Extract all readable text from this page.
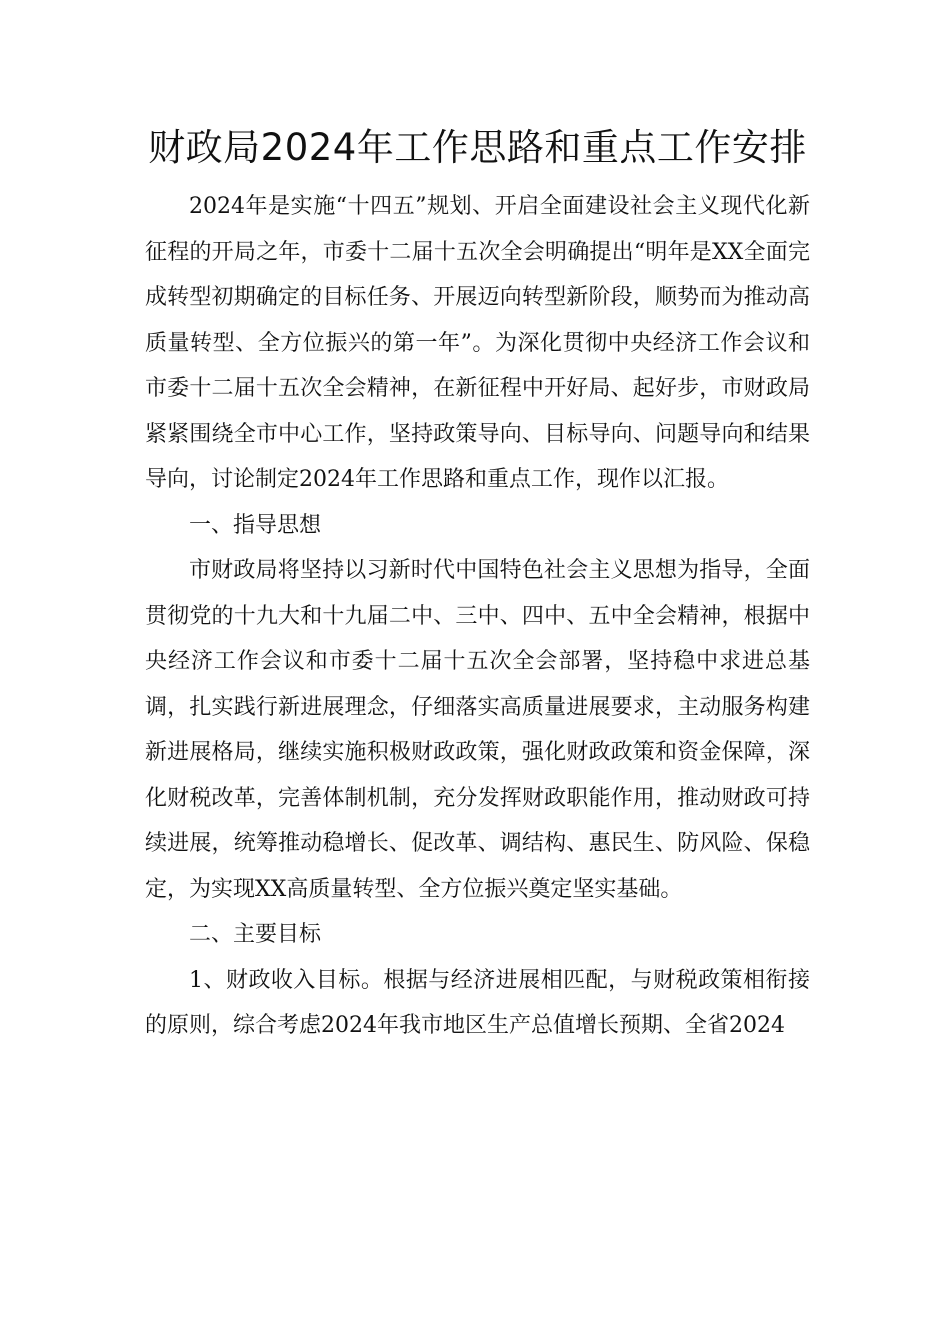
财政局2024年工作思路和重点工作安排

2024年是实施“十四五”规划、开启全面建设社会主义现代化新征程的开局之年，市委十二届十五次全会明确提出“明年是XX全面完成转型初期确定的目标任务、开展迈向转型新阶段，顺势而为推动高质量转型、全方位振兴的第一年”。为深化贯彻中央经济工作会议和市委十二届十五次全会精神，在新征程中开好局、起好步，市财政局紧紧围绕全市中心工作，坚持政策导向、目标导向、问题导向和结果导向，讨论制定2024年工作思路和重点工作，现作以汇报。

一、指导思想

市财政局将坚持以习新时代中国特色社会主义思想为指导，全面贯彻党的十九大和十九届二中、三中、四中、五中全会精神，根据中央经济工作会议和市委十二届十五次全会部署，坚持稳中求进总基调，扎实践行新进展理念，仔细落实高质量进展要求，主动服务构建新进展格局，继续实施积极财政政策，强化财政政策和资金保障，深化财税改革，完善体制机制，充分发挥财政职能作用，推动财政可持续进展，统筹推动稳增长、促改革、调结构、惠民生、防风险、保稳定，为实现XX高质量转型、全方位振兴奠定坚实基础。

二、主要目标

1、财政收入目标。根据与经济进展相匹配，与财税政策相衔接的原则，综合考虑2024年我市地区生产总值增长预期、全省2024
